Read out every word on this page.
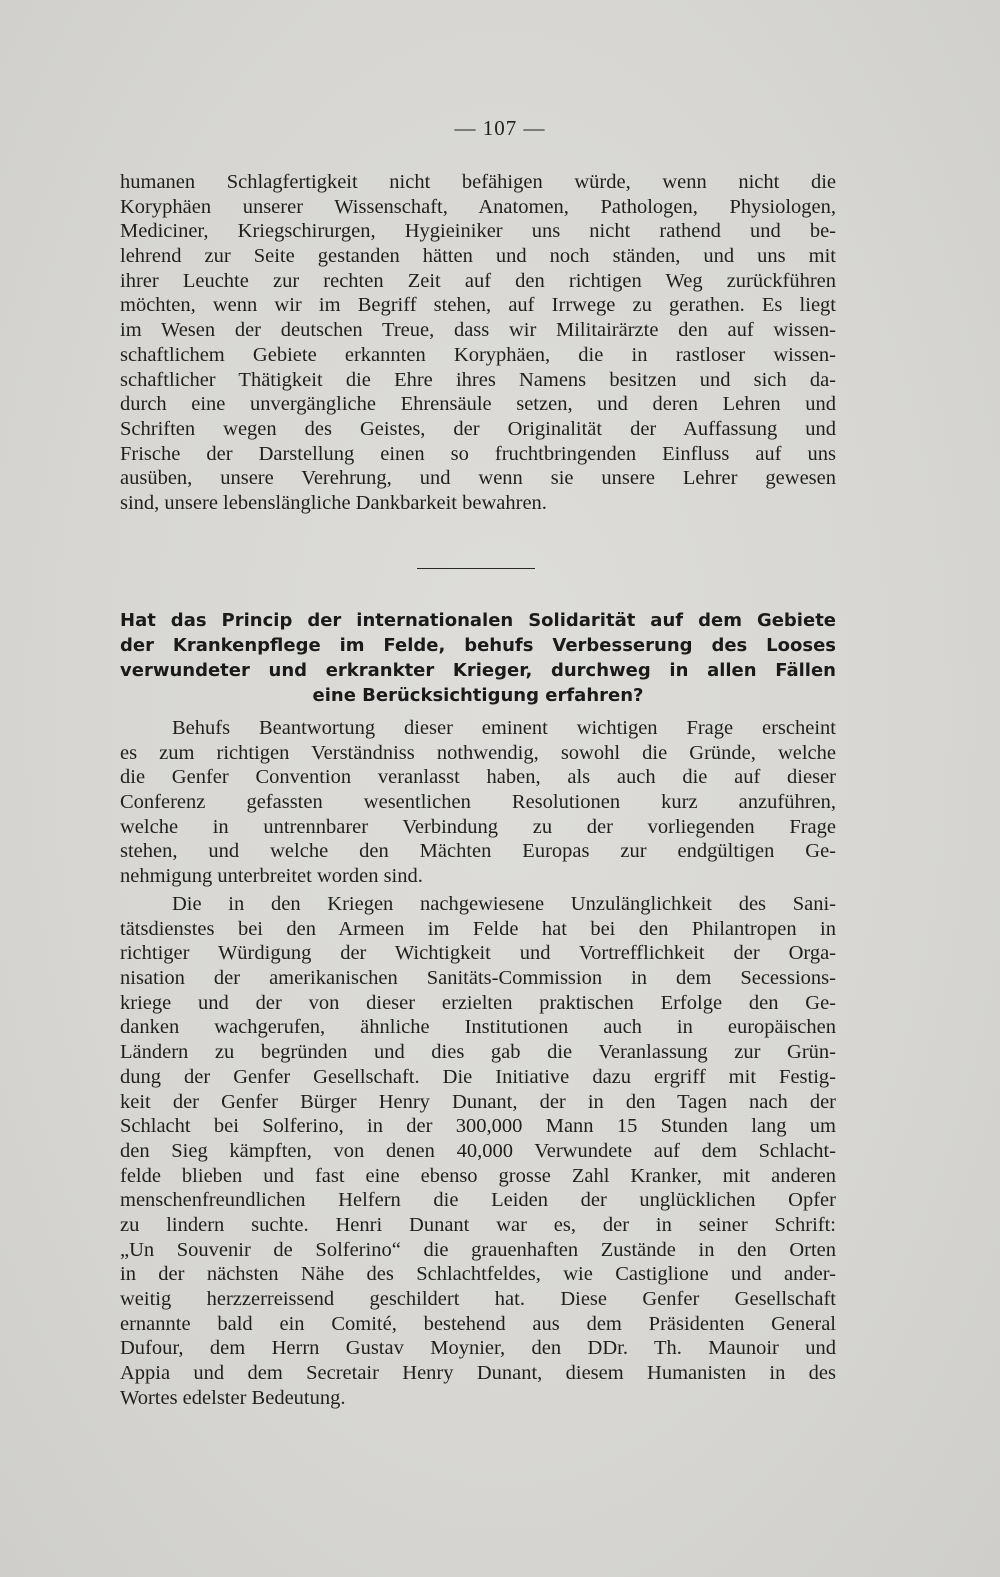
— 107 —
humanen Schlagfertigkeit nicht befähigen würde, wenn nicht die
Koryphäen unserer Wissenschaft, Anatomen, Pathologen, Physiologen,
Mediciner, Kriegschirurgen, Hygieiniker uns nicht rathend und be-
lehrend zur Seite gestanden hätten und noch ständen, und uns mit
ihrer Leuchte zur rechten Zeit auf den richtigen Weg zurückführen
möchten, wenn wir im Begriff stehen, auf Irrwege zu gerathen. Es liegt
im Wesen der deutschen Treue, dass wir Militairärzte den auf wissen-
schaftlichem Gebiete erkannten Koryphäen, die in rastloser wissen-
schaftlicher Thätigkeit die Ehre ihres Namens besitzen und sich da-
durch eine unvergängliche Ehrensäule setzen, und deren Lehren und
Schriften wegen des Geistes, der Originalität der Auffassung und
Frische der Darstellung einen so fruchtbringenden Einfluss auf uns
ausüben, unsere Verehrung, und wenn sie unsere Lehrer gewesen
sind, unsere lebenslängliche Dankbarkeit bewahren.
Hat das Princip der internationalen Solidarität auf dem Gebiete
der Krankenpflege im Felde, behufs Verbesserung des Looses
verwundeter und erkrankter Krieger, durchweg in allen Fällen
eine Berücksichtigung erfahren?
Behufs Beantwortung dieser eminent wichtigen Frage erscheint
es zum richtigen Verständniss nothwendig, sowohl die Gründe, welche
die Genfer Convention veranlasst haben, als auch die auf dieser
Conferenz gefassten wesentlichen Resolutionen kurz anzuführen,
welche in untrennbarer Verbindung zu der vorliegenden Frage
stehen, und welche den Mächten Europas zur endgültigen Ge-
nehmigung unterbreitet worden sind.
Die in den Kriegen nachgewiesene Unzulänglichkeit des Sani-
tätsdienstes bei den Armeen im Felde hat bei den Philantropen in
richtiger Würdigung der Wichtigkeit und Vortrefflichkeit der Orga-
nisation der amerikanischen Sanitäts-Commission in dem Secessions-
kriege und der von dieser erzielten praktischen Erfolge den Ge-
danken wachgerufen, ähnliche Institutionen auch in europäischen
Ländern zu begründen und dies gab die Veranlassung zur Grün-
dung der Genfer Gesellschaft. Die Initiative dazu ergriff mit Festig-
keit der Genfer Bürger Henry Dunant, der in den Tagen nach der
Schlacht bei Solferino, in der 300,000 Mann 15 Stunden lang um
den Sieg kämpften, von denen 40,000 Verwundete auf dem Schlacht-
felde blieben und fast eine ebenso grosse Zahl Kranker, mit anderen
menschenfreundlichen Helfern die Leiden der unglücklichen Opfer
zu lindern suchte. Henri Dunant war es, der in seiner Schrift:
„Un Souvenir de Solferino“ die grauenhaften Zustände in den Orten
in der nächsten Nähe des Schlachtfeldes, wie Castiglione und ander-
weitig herzzerreissend geschildert hat. Diese Genfer Gesellschaft
ernannte bald ein Comité, bestehend aus dem Präsidenten General
Dufour, dem Herrn Gustav Moynier, den DDr. Th. Maunoir und
Appia und dem Secretair Henry Dunant, diesem Humanisten in des
Wortes edelster Bedeutung.
